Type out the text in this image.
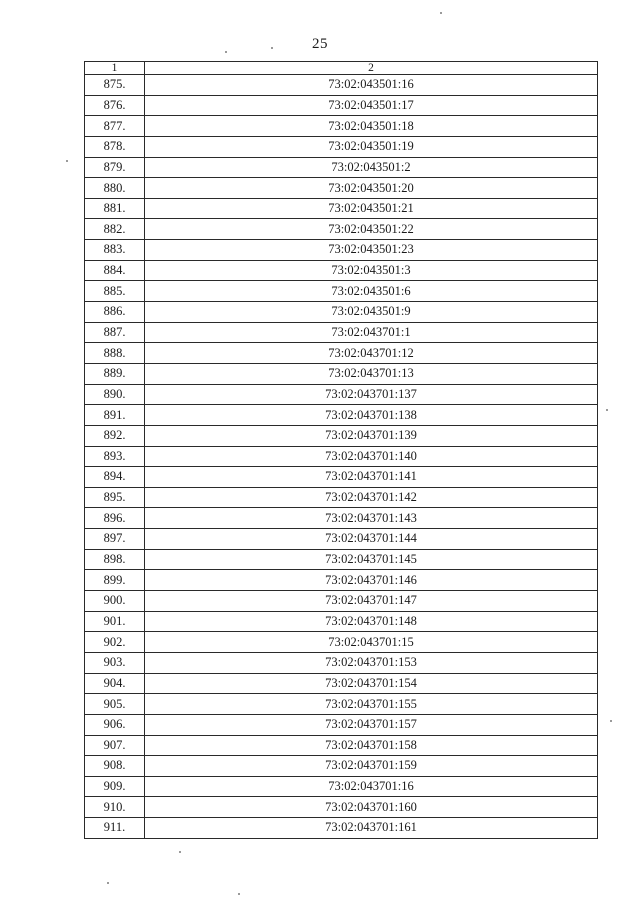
25
1	2
875.	73:02:043501:16
876.	73:02:043501:17
877.	73:02:043501:18
878.	73:02:043501:19
879.	73:02:043501:2
880.	73:02:043501:20
881.	73:02:043501:21
882.	73:02:043501:22
883.	73:02:043501:23
884.	73:02:043501:3
885.	73:02:043501:6
886.	73:02:043501:9
887.	73:02:043701:1
888.	73:02:043701:12
889.	73:02:043701:13
890.	73:02:043701:137
891.	73:02:043701:138
892.	73:02:043701:139
893.	73:02:043701:140
894.	73:02:043701:141
895.	73:02:043701:142
896.	73:02:043701:143
897.	73:02:043701:144
898.	73:02:043701:145
899.	73:02:043701:146
900.	73:02:043701:147
901.	73:02:043701:148
902.	73:02:043701:15
903.	73:02:043701:153
904.	73:02:043701:154
905.	73:02:043701:155
906.	73:02:043701:157
907.	73:02:043701:158
908.	73:02:043701:159
909.	73:02:043701:16
910.	73:02:043701:160
911.	73:02:043701:161
